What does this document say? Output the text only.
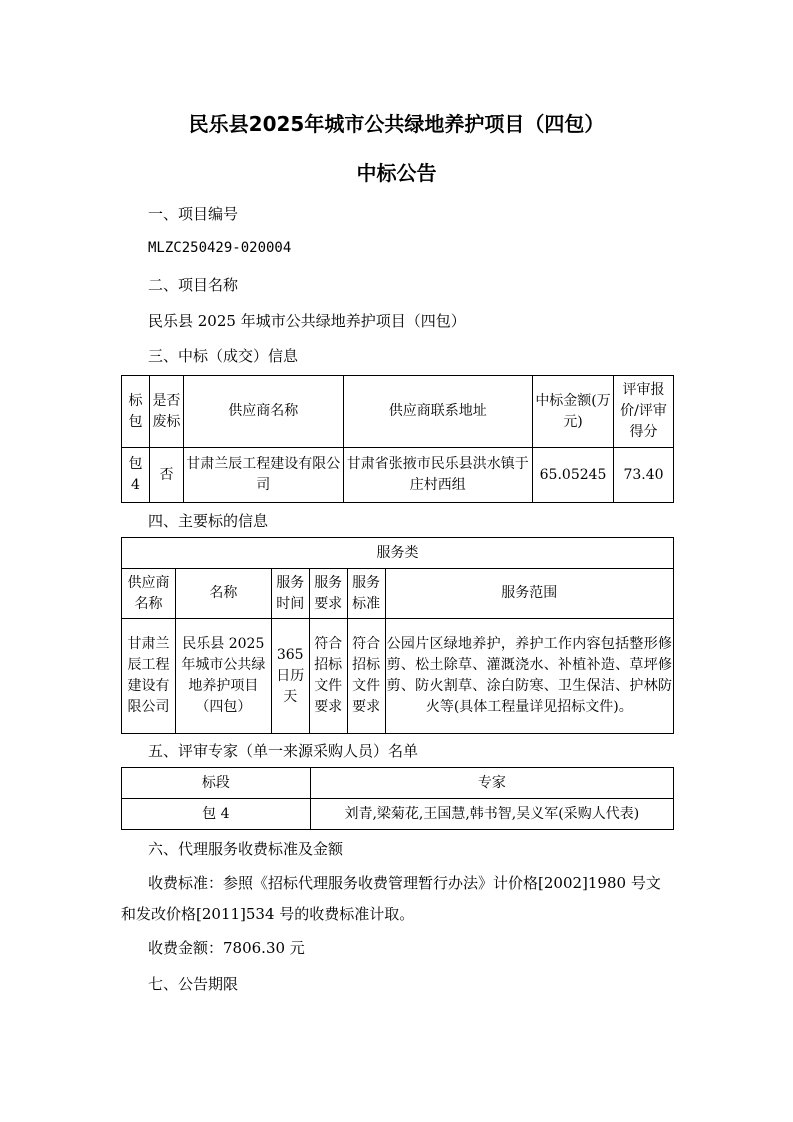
民乐县2025年城市公共绿地养护项目（四包）
中标公告
一、项目编号
MLZC250429-020004
二、项目名称
民乐县 2025 年城市公共绿地养护项目（四包）
三、中标（成交）信息
标包	是否废标	供应商名称	供应商联系地址	中标金额(万元)	评审报价/评审得分
包 4	否	甘肃兰辰工程建设有限公司	甘肃省张掖市民乐县洪水镇于庄村西组	65.05245	73.40
四、主要标的信息
服务类					
供应商名称	名称	服务时间	服务要求	服务标准	服务范围
甘肃兰辰工程建设有限公司	民乐县 2025 年城市公共绿地养护项目（四包）	365 日历天	符合招标文件要求	符合招标文件要求	公园片区绿地养护，养护工作内容包括整形修剪、松土除草、灌溉浇水、补植补造、草坪修剪、防火割草、涂白防寒、卫生保洁、护林防火等(具体工程量详见招标文件)。
五、评审专家（单一来源采购人员）名单
标段	专家
包 4	刘青,梁菊花,王国慧,韩书智,吴义军(采购人代表)
六、代理服务收费标准及金额
收费标准：参照《招标代理服务收费管理暂行办法》计价格[2002]1980 号文
和发改价格[2011]534 号的收费标准计取。
收费金额：7806.30 元
七、公告期限
